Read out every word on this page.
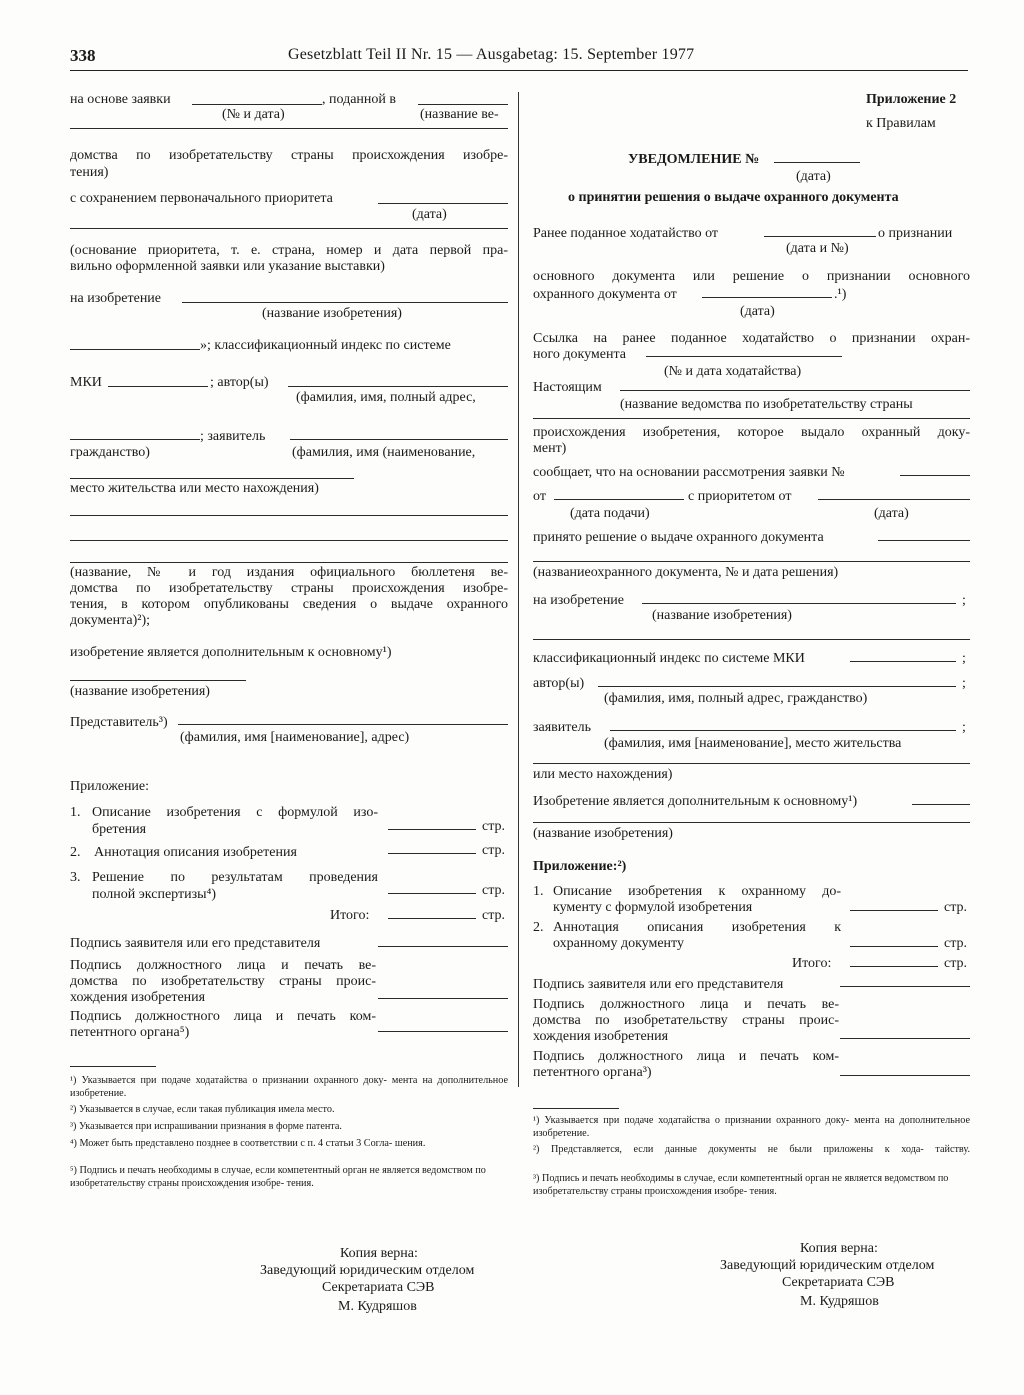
338	Gesetzblatt Teil II Nr. 15 — Ausgabetag: 15. September 1977
на основе заявки	, поданной в
(№ и дата)	(название ве-
домства по изобретательству страны происхождения изобре-
тения)
с сохранением первоначального приоритета
(дата)
(основание приоритета, т. е. страна, номер и дата первой пра-
вильно оформленной заявки или указание выставки)
на изобретение
(название изобретения)
»; классификационный индекс по системе
МКИ	; автор(ы)
(фамилия, имя, полный адрес,
; заявитель
гражданство)	(фамилия, имя (наименование,
место жительства или место нахождения)
(название, № и год издания официального бюллетеня ве-
домства по изобретательству страны происхождения изобре-
тения, в котором опубликованы сведения о выдаче охранного
документа)²);
изобретение является дополнительным к основному¹)
(название изобретения)
Представитель³)
(фамилия, имя [наименование], адрес)
Приложение:
1. Описание изобретения с формулой изо-
бретения	стр.
2. Аннотация описания изобретения	стр.
3. Решение по результатам проведения
полной экспертизы⁴)	стр.
Итого:	стр.
Подпись заявителя или его представителя
Подпись должностного лица и печать ве-
домства по изобретательству страны проис-
хождения изобретения
Подпись должностного лица и печать ком-
петентного органа⁵)
¹) Указывается при подаче ходатайства о признании охранного доку- мента на дополнительное изобретение.
²) Указывается в случае, если такая публикация имела место.
³) Указывается при испрашивании признания в форме патента.
⁴) Может быть представлено позднее в соответствии с п. 4 статьи 3 Согла- шения.
⁵) Подпись и печать необходимы в случае, если компетентный орган не является ведомством по изобретательству страны происхождения изобре- тения.
Копия верна:
Заведующий юридическим отделом
Секретариата СЭВ
М. Кудряшов
Приложение 2
к Правилам
УВЕДОМЛЕНИЕ №
(дата)
о принятии решения о выдаче охранного документа
Ранее поданное ходатайство от	о признании
(дата и №)
основного документа или решение о признании основного
охранного документа от	.¹)
(дата)
Ссылка на ранее поданное ходатайство о признании охран-
ного документа
(№ и дата ходатайства)
Настоящим
(название ведомства по изобретательству страны
происхождения изобретения, которое выдало охранный доку-
мент)
сообщает, что на основании рассмотрения заявки №
от	с приоритетом от
(дата подачи)	(дата)
принято решение о выдаче охранного документа
(названиеохранного документа, № и дата решения)
на изобретение	;
(название изобретения)
классификационный индекс по системе МКИ	;
автор(ы)	;
(фамилия, имя, полный адрес, гражданство)
заявитель	;
(фамилия, имя [наименование], место жительства
или место нахождения)
Изобретение является дополнительным к основному¹)
(название изобретения)
Приложение:²)
1. Описание изобретения к охранному до-
кументу с формулой изобретения	стр.
2. Аннотация описания изобретения к
охранному документу	стр.
Итого:	стр.
Подпись заявителя или его представителя
Подпись должностного лица и печать ве-
домства по изобретательству страны проис-
хождения изобретения
Подпись должностного лица и печать ком-
петентного органа³)
¹) Указывается при подаче ходатайства о признании охранного доку- мента на дополнительное изобретение.
²) Представляется, если данные документы не были приложены к хода- тайству.
³) Подпись и печать необходимы в случае, если компетентный орган не является ведомством по изобретательству страны происхождения изобре- тения.
Копия верна:
Заведующий юридическим отделом
Секретариата СЭВ
М. Кудряшов
